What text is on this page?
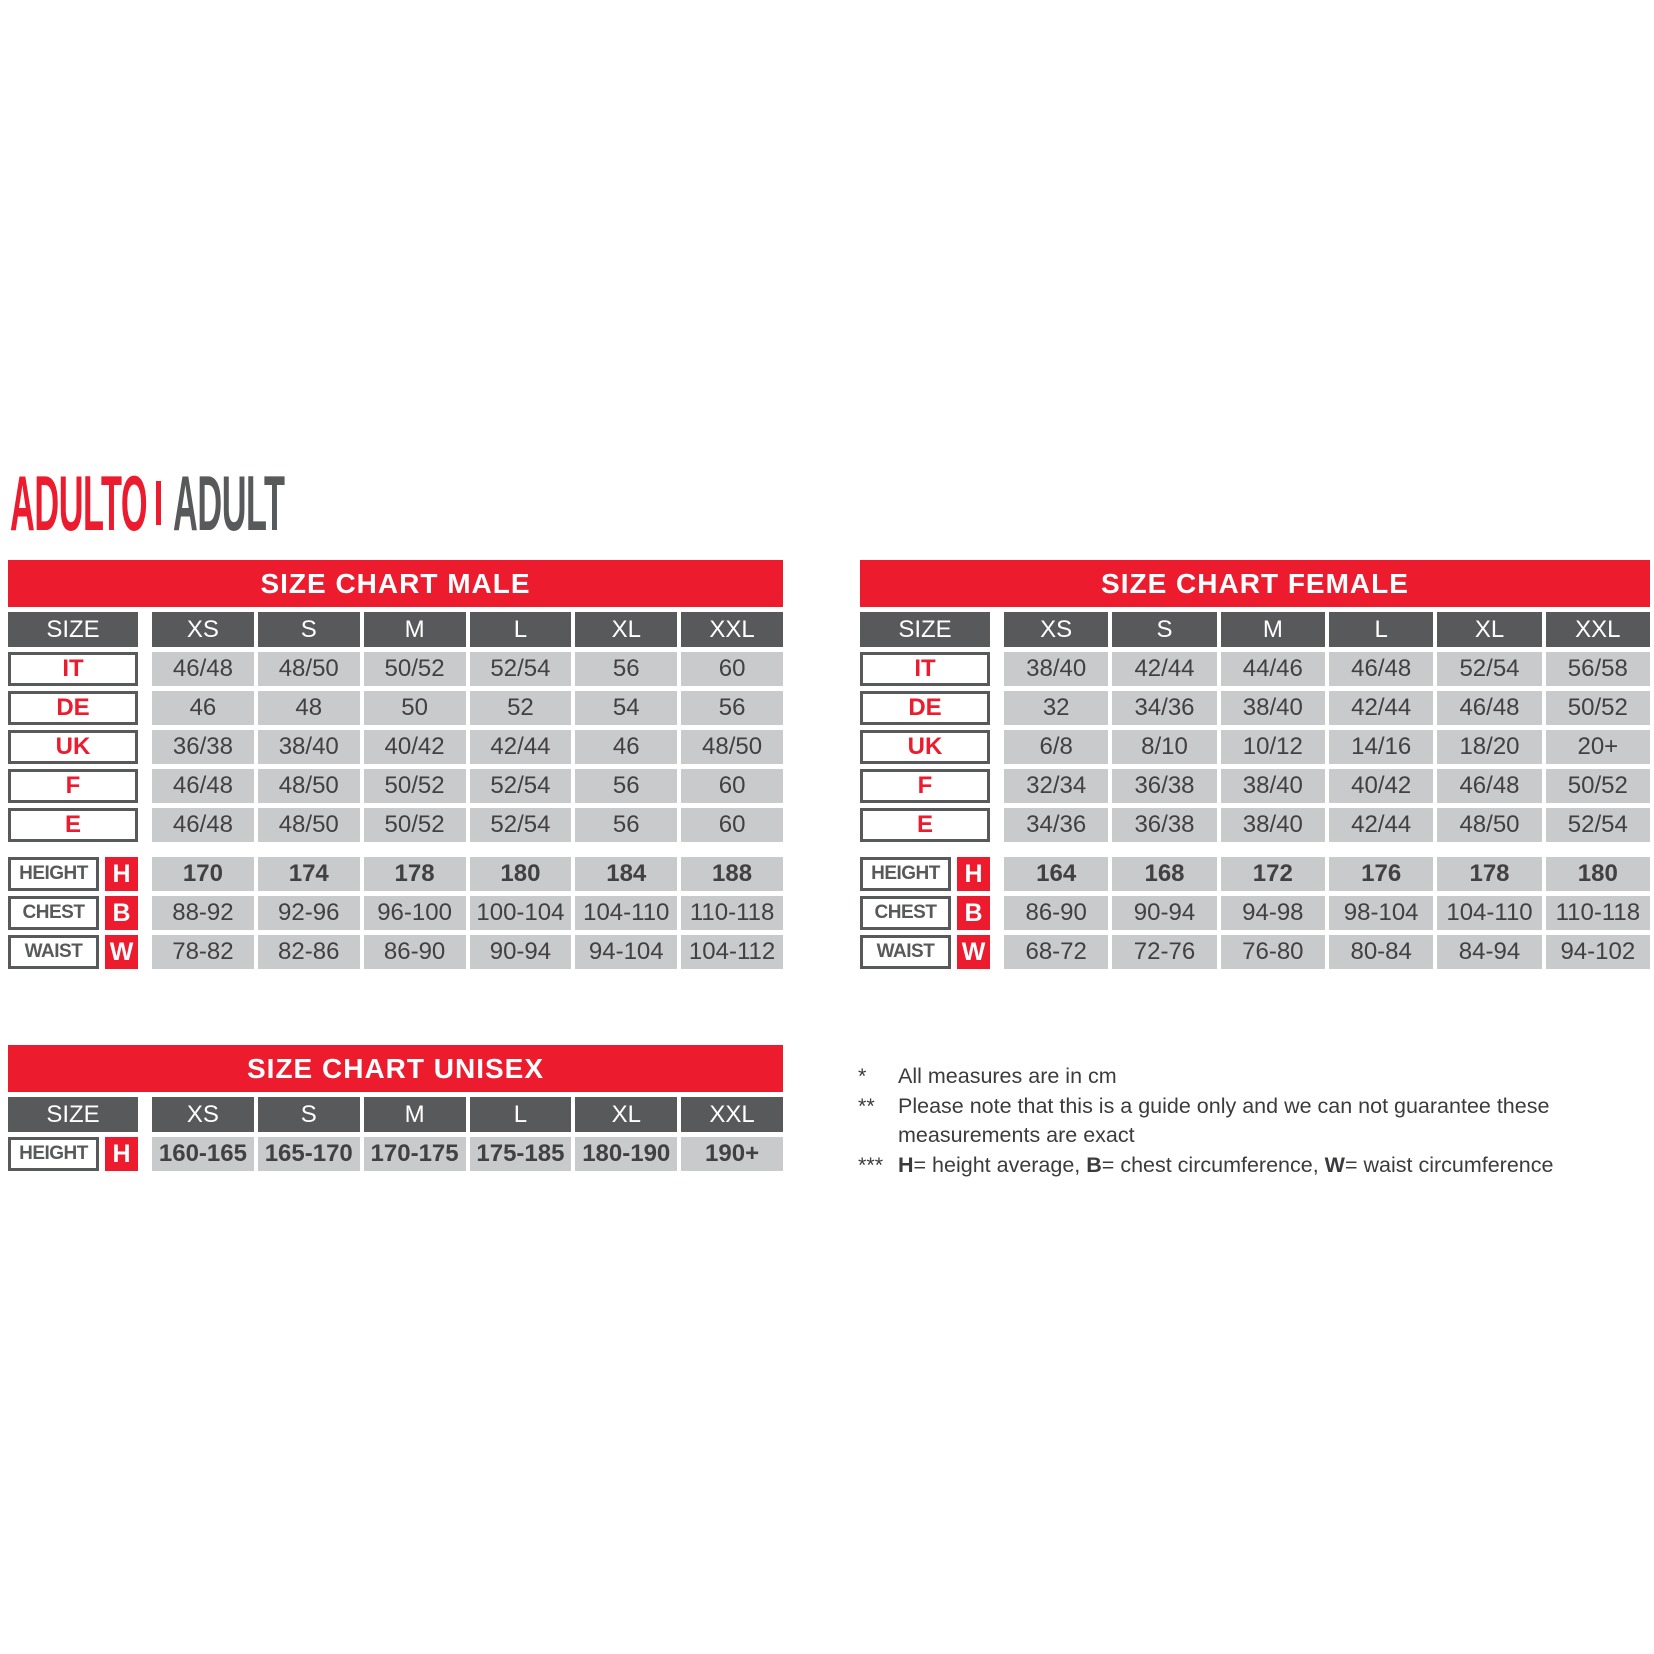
ADULTO ADULT
SIZE CHART MALE
SIZE	XS	S	M	L	XL	XXL
IT	46/48	48/50	50/52	52/54	56	60
DE	46	48	50	52	54	56
UK	36/38	38/40	40/42	42/44	46	48/50
F	46/48	48/50	50/52	52/54	56	60
E	46/48	48/50	50/52	52/54	56	60
HEIGHT H	170	174	178	180	184	188
CHEST	B	88-92	92-96	96-100	100-104 104-110 110-118
WAIST	W	78-82	82-86	86-90	90-94	94-104	104-112
SIZE CHART FEMALE
SIZE	XS	S	M	L	XL	XXL
IT	38/40	42/44	44/46	46/48	52/54	56/58
DE	32	34/36	38/40	42/44	46/48	50/52
UK	6/8	8/10	10/12	14/16	18/20	20+
F	32/34	36/38	38/40	40/42	46/48	50/52
E	34/36	36/38	38/40	42/44	48/50	52/54
HEIGHT H	164	168	172	176	178	180
CHEST	B	86-90	90-94	94-98	98-104	104-110 110-118
WAIST	W	68-72	72-76	76-80	80-84	84-94	94-102
SIZE CHART UNISEX
SIZE	XS	S	M	L	XL	XXL
HEIGHT H	160-165 165-170 170-175 175-185 180-190	190+
*	All measures are in cm
**	Please note that this is a guide only and we can not guarantee these measurements are exact
*** H= height average, B= chest circumference, W= waist circumference
